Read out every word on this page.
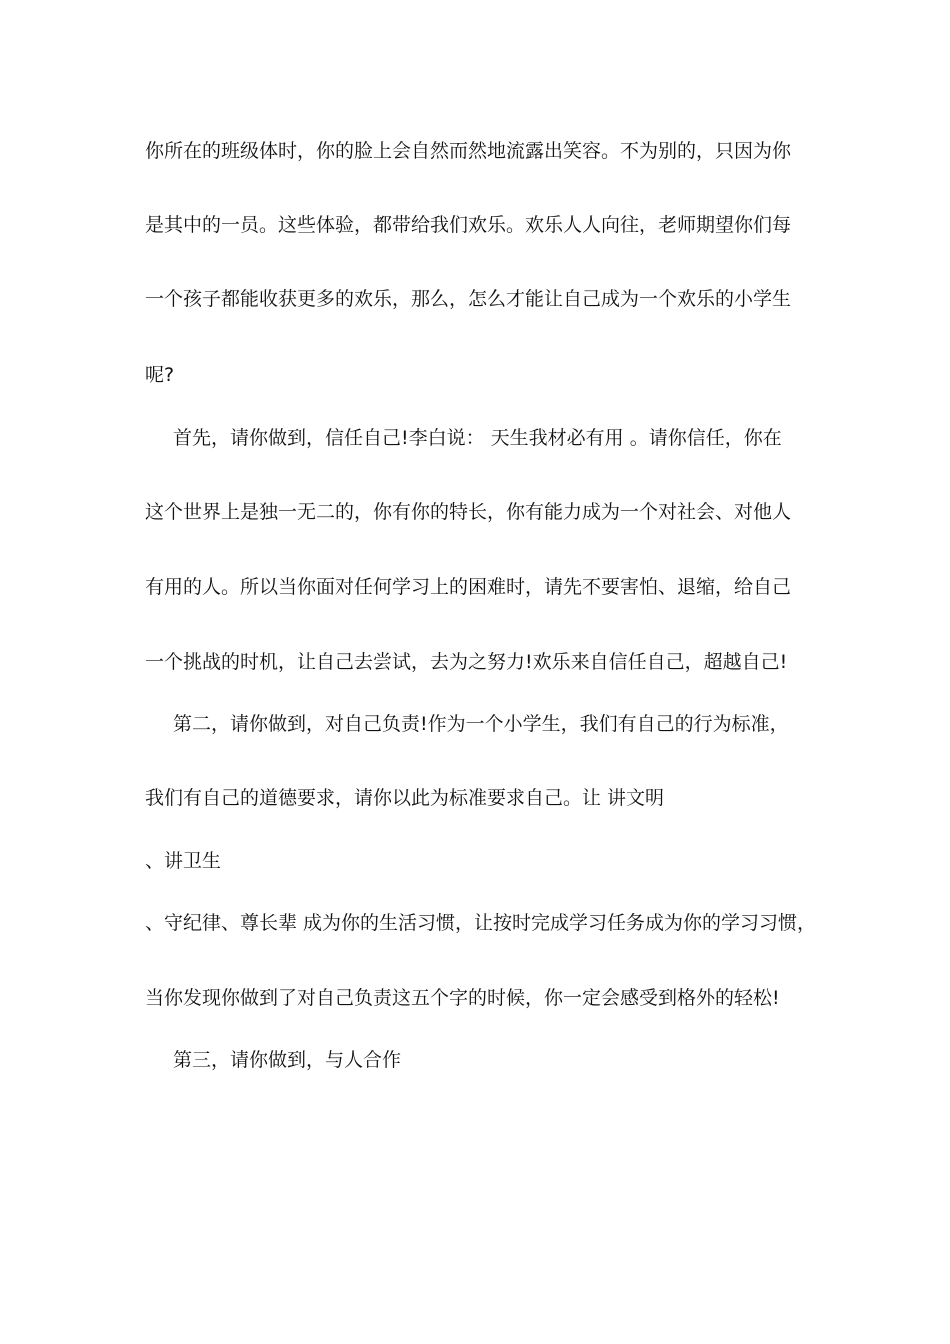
你所在的班级体时，你的脸上会自然而然地流露出笑容。不为别的，只因为你
是其中的一员。这些体验，都带给我们欢乐。欢乐人人向往，老师期望你们每
一个孩子都能收获更多的欢乐，那么，怎么才能让自己成为一个欢乐的小学生
呢?
首先，请你做到，信任自己!李白说： 天生我材必有用 。请你信任，你在
这个世界上是独一无二的，你有你的特长，你有能力成为一个对社会、对他人
有用的人。所以当你面对任何学习上的困难时，请先不要害怕、退缩，给自己
一个挑战的时机，让自己去尝试，去为之努力!欢乐来自信任自己，超越自己!
第二，请你做到，对自己负责!作为一个小学生，我们有自己的行为标准，
我们有自己的道德要求，请你以此为标准要求自己。让 讲文明
、讲卫生
、守纪律、尊长辈 成为你的生活习惯，让按时完成学习任务成为你的学习习惯，
当你发现你做到了对自己负责这五个字的时候，你一定会感受到格外的轻松!
第三，请你做到，与人合作
